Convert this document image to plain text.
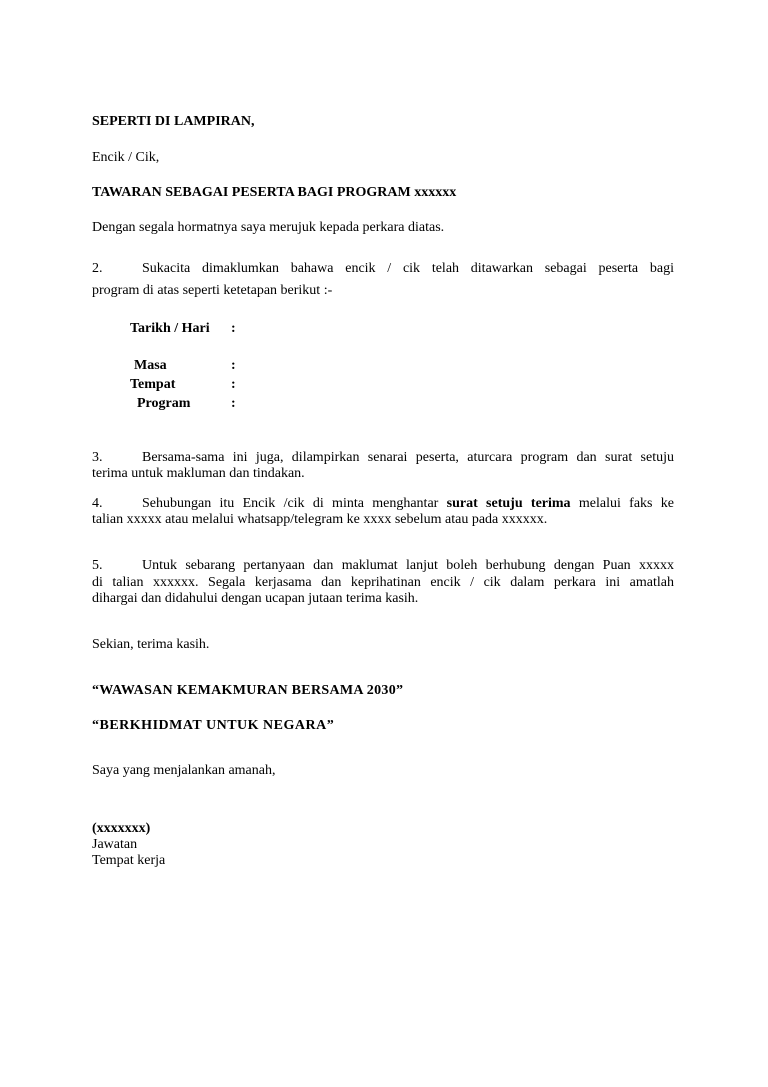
SEPERTI DI LAMPIRAN,
Encik / Cik,
TAWARAN SEBAGAI PESERTA BAGI PROGRAM xxxxxx
Dengan segala hormatnya saya merujuk kepada perkara diatas.
2.	Sukacita dimaklumkan bahawa encik / cik telah ditawarkan sebagai peserta bagi
program di atas seperti ketetapan berikut :-
Tarikh / Hari :
Masa	:
Tempat	:
Program	:
3.	Bersama-sama ini juga, dilampirkan senarai peserta, aturcara program dan surat setuju
terima untuk makluman dan tindakan.
4.	Sehubungan itu Encik /cik di minta menghantar surat setuju terima melalui faks ke
talian xxxxx atau melalui whatsapp/telegram ke xxxx sebelum atau pada xxxxxx.
5.	Untuk sebarang pertanyaan dan maklumat lanjut boleh berhubung dengan Puan xxxxx
di talian xxxxxx. Segala kerjasama dan keprihatinan encik / cik dalam perkara ini amatlah
dihargai dan didahului dengan ucapan jutaan terima kasih.
Sekian, terima kasih.
“WAWASAN KEMAKMURAN BERSAMA 2030”
“BERKHIDMAT UNTUK NEGARA”
Saya yang menjalankan amanah,
(xxxxxxx)
Jawatan
Tempat kerja
